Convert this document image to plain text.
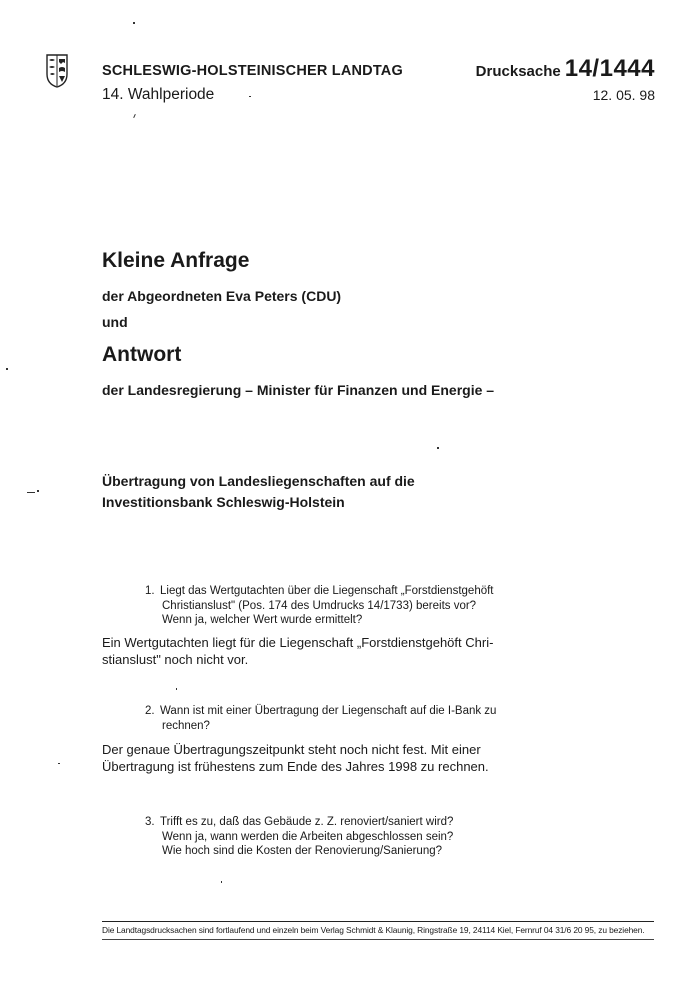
SCHLESWIG-HOLSTEINISCHER LANDTAG
14. Wahlperiode
Drucksache 14/1444
12. 05. 98
Kleine Anfrage
der Abgeordneten Eva Peters (CDU)
und
Antwort
der Landesregierung – Minister für Finanzen und Energie –
Übertragung von Landesliegenschaften auf die
Investitionsbank Schleswig-Holstein
1. Liegt das Wertgutachten über die Liegenschaft „Forstdienstgehöft
Christianslust" (Pos. 174 des Umdrucks 14/1733) bereits vor?
Wenn ja, welcher Wert wurde ermittelt?
Ein Wertgutachten liegt für die Liegenschaft „Forstdienstgehöft Chri-
stianslust" noch nicht vor.
2. Wann ist mit einer Übertragung der Liegenschaft auf die I-Bank zu
rechnen?
Der genaue Übertragungszeitpunkt steht noch nicht fest. Mit einer
Übertragung ist frühestens zum Ende des Jahres 1998 zu rechnen.
3. Trifft es zu, daß das Gebäude z. Z. renoviert/saniert wird?
Wenn ja, wann werden die Arbeiten abgeschlossen sein?
Wie hoch sind die Kosten der Renovierung/Sanierung?
Die Landtagsdrucksachen sind fortlaufend und einzeln beim Verlag Schmidt & Klaunig, Ringstraße 19, 24114 Kiel, Fernruf 04 31/6 20 95, zu beziehen.
